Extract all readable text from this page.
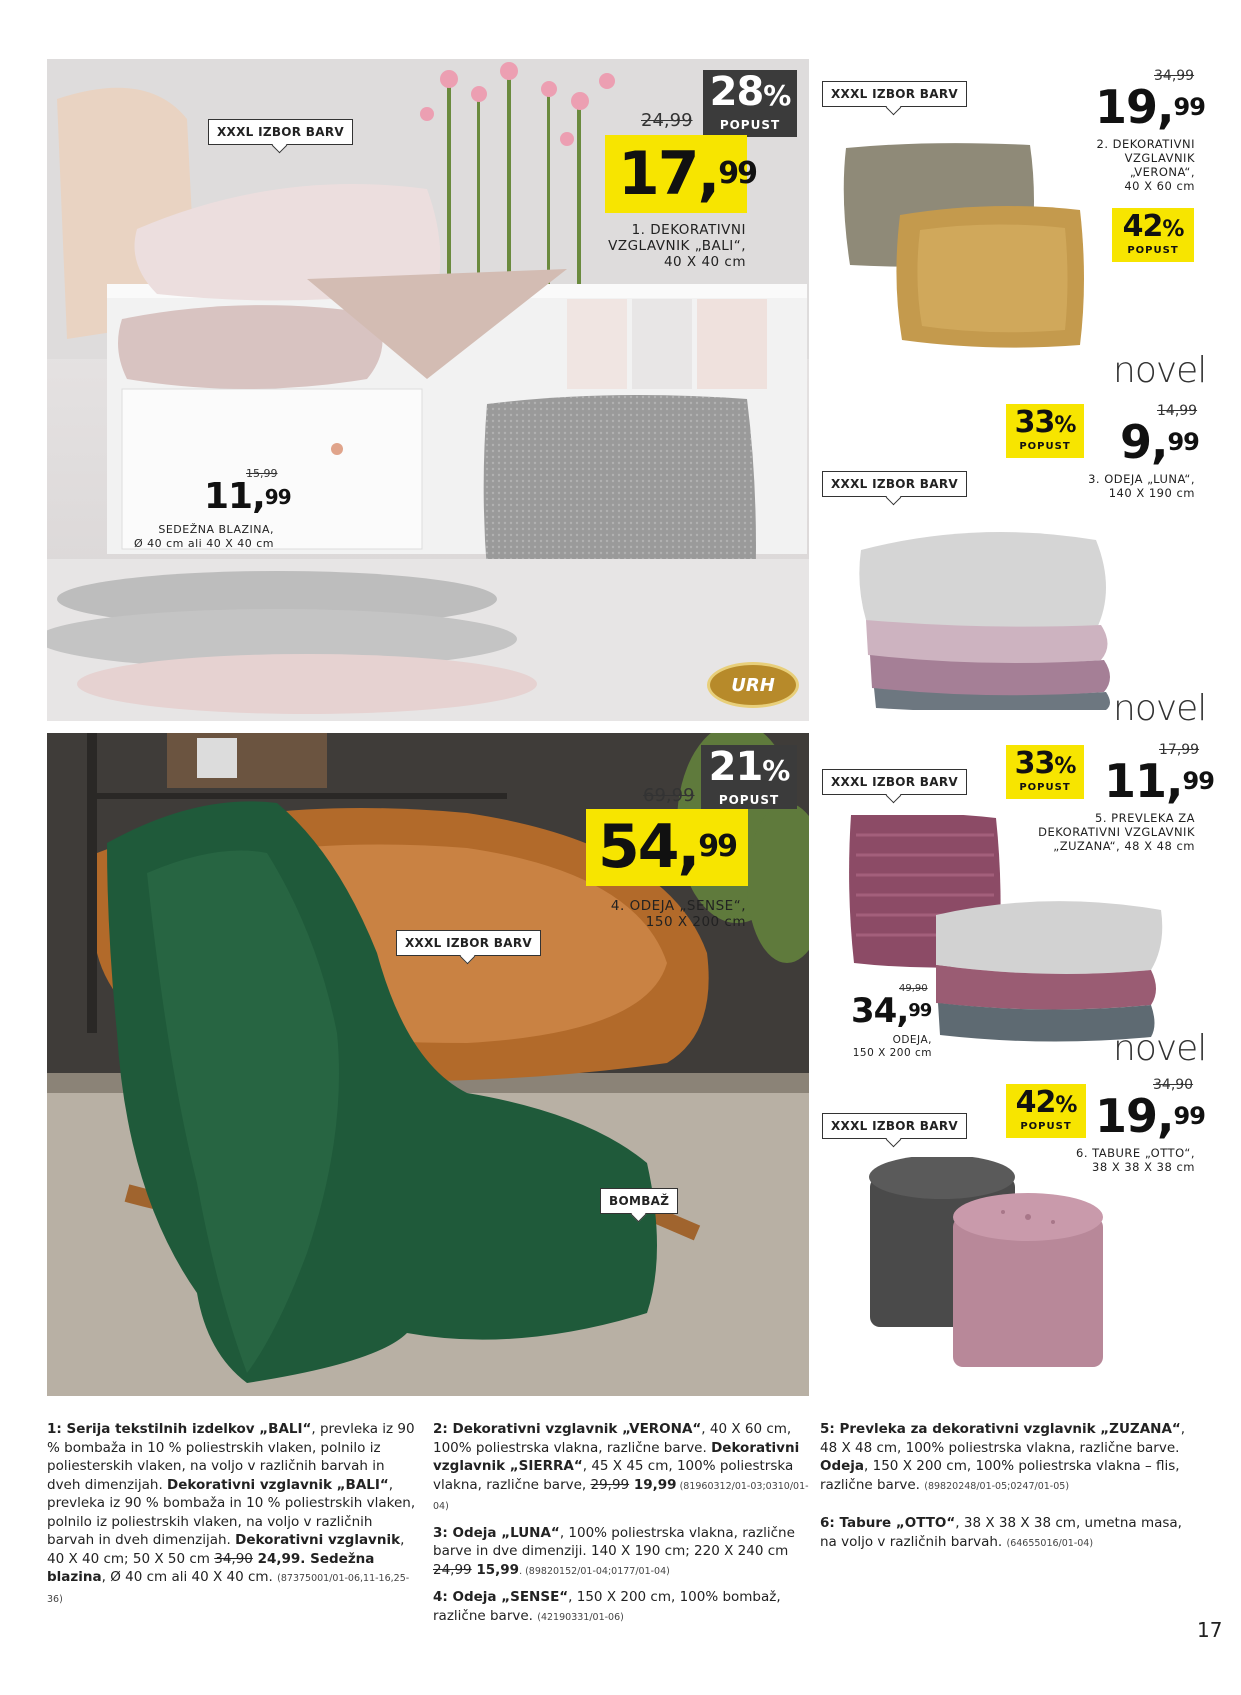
URH
XXXL IZBOR BARV
28%
POPUST
24,99
17,99
1. DEKORATIVNI
VZGLAVNIK „BALI“,
40 X 40 cm
15,99
11,99
SEDEŽNA BLAZINA,
Ø 40 cm ali 40 X 40 cm
XXXL IZBOR BARV
BOMBAŽ
21%
POPUST
69,99
54,99
4. ODEJA „SENSE“,
150 X 200 cm
XXXL IZBOR BARV
34,99
19,99
2. DEKORATIVNI
VZGLAVNIK
„VERONA“,
40 X 60 cm
42%
POPUST
novel
33%
POPUST
14,99
9,99
3. ODEJA „LUNA“,
140 X 190 cm
XXXL IZBOR BARV
novel
33%
POPUST
17,99
11,99
5. PREVLEKA ZA
DEKORATIVNI VZGLAVNIK
„ZUZANA“, 48 X 48 cm
XXXL IZBOR BARV
49,90
34,99
ODEJA,
150 X 200 cm	novel
42%
POPUST
34,90
19,99
6. TABURE „OTTO“,
38 X 38 X 38 cm
XXXL IZBOR BARV

1: Serija tekstilnih izdelkov „BALI“, prevleka iz 90 % bombaža in 10 % poliestrskih vlaken, polnilo iz poliesterskih vlaken, na voljo v različnih barvah in dveh dimenzijah. Dekorativni vzglavnik „BALI“, prevleka iz 90 % bombaža in 10 % poliestrskih vlaken, polnilo iz poliestrskih vlaken, na voljo v različnih barvah in dveh dimenzijah. Dekorativni vzglavnik, 40 X 40 cm; 50 X 50 cm 34,90 24,99. Sedežna blazina, Ø 40 cm ali 40 X 40 cm. (87375001/01-06,11-16,25-36)

2: Dekorativni vzglavnik „VERONA“, 40 X 60 cm, 100% poliestrska vlakna, različne barve. Dekorativni vzglavnik „SIERRA“, 45 X 45 cm, 100% poliestrska vlakna, različne barve, 29,99 19,99 (81960312/01-03;0310/01-04)

3: Odeja „LUNA“, 100% poliestrska vlakna, različne barve in dve dimenziji. 140 X 190 cm; 220 X 240 cm 24,99 15,99. (89820152/01-04;0177/01-04)

4: Odeja „SENSE“, 150 X 200 cm, 100% bombaž, različne barve. (42190331/01-06)

5: Prevleka za dekorativni vzglavnik „ZUZANA“, 48 X 48 cm, 100% poliestrska vlakna, različne barve. Odeja, 150 X 200 cm, 100% poliestrska vlakna – flis, različne barve. (89820248/01-05;0247/01-05)

6: Tabure „OTTO“, 38 X 38 X 38 cm, umetna masa, na voljo v različnih barvah. (64655016/01-04)

17
